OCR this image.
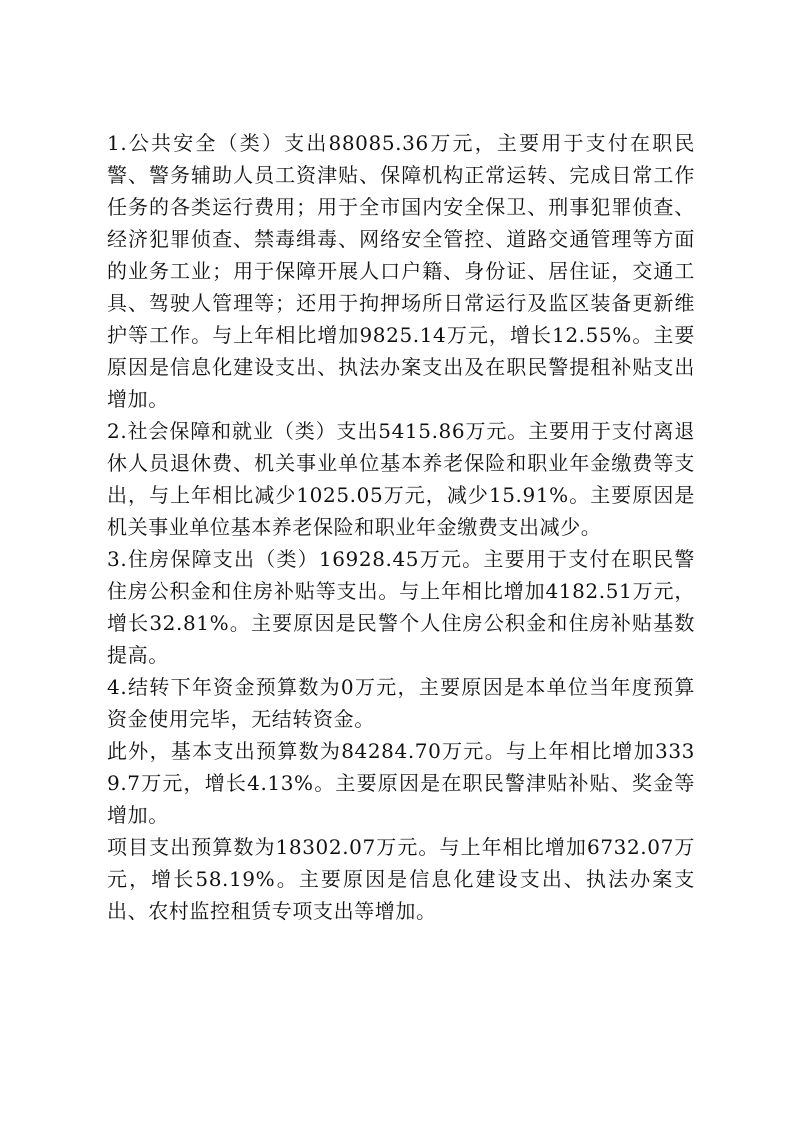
1.公共安全（类）支出88085.36万元，主要用于支付在职民警、警务辅助人员工资津贴、保障机构正常运转、完成日常工作任务的各类运行费用；用于全市国内安全保卫、刑事犯罪侦查、经济犯罪侦查、禁毒缉毒、网络安全管控、道路交通管理等方面的业务工业；用于保障开展人口户籍、身份证、居住证，交通工具、驾驶人管理等；还用于拘押场所日常运行及监区装备更新维护等工作。与上年相比增加9825.14万元，增长12.55%。主要原因是信息化建设支出、执法办案支出及在职民警提租补贴支出增加。

2.社会保障和就业（类）支出5415.86万元。主要用于支付离退休人员退休费、机关事业单位基本养老保险和职业年金缴费等支出，与上年相比减少1025.05万元，减少15.91%。主要原因是机关事业单位基本养老保险和职业年金缴费支出减少。

3.住房保障支出（类）16928.45万元。主要用于支付在职民警住房公积金和住房补贴等支出。与上年相比增加4182.51万元，增长32.81%。主要原因是民警个人住房公积金和住房补贴基数提高。

4.结转下年资金预算数为0万元，主要原因是本单位当年度预算资金使用完毕，无结转资金。

此外，基本支出预算数为84284.70万元。与上年相比增加3339.7万元，增长4.13%。主要原因是在职民警津贴补贴、奖金等增加。

项目支出预算数为18302.07万元。与上年相比增加6732.07万元，增长58.19%。主要原因是信息化建设支出、执法办案支出、农村监控租赁专项支出等增加。
